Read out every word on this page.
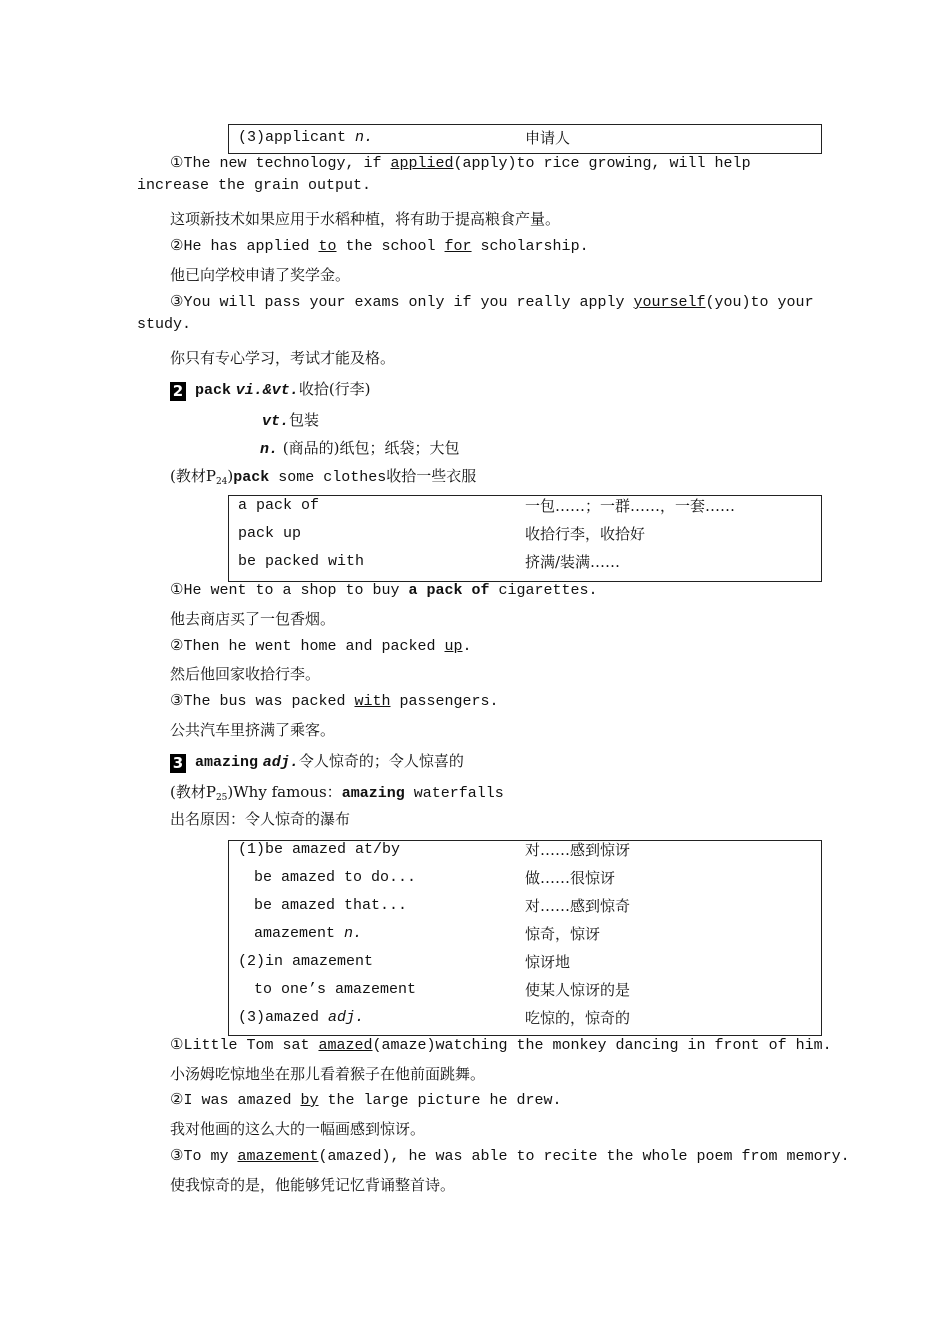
(3)applicant n.	申请人
①The new technology, if applied(apply)to rice growing, will help increase the grain output.
这项新技术如果应用于水稻种植，将有助于提高粮食产量。
②He has applied to the school for scholarship.
他已向学校申请了奖学金。
③You will pass your exams only if you really apply yourself(you)to your study.
你只有专心学习，考试才能及格。
2 pack vi.&vt.收拾(行李)
vt.包装
n. (商品的)纸包；纸袋；大包
(教材$P_{24})pack$ some clothes收拾一些衣服
a pack of	一包……；一群……，一套……
pack up	收拾行李，收拾好
be packed with	挤满/装满……
①He went to a shop to buy a pack of cigarettes.
他去商店买了一包香烟。
②Then he went home and packed up.
然后他回家收拾行李。
③The bus was packed with passengers.
公共汽车里挤满了乘客。
3 amazing adj.令人惊奇的；令人惊喜的
(教材$P_{25})Why$ famous：amazing waterfalls
出名原因：令人惊奇的瀑布
(1)be amazed at/by	对……感到惊讶
be amazed to do...	做……很惊讶
be amazed that...	对……感到惊奇
amazement n.	惊奇，惊讶
(2)in amazement	惊讶地
to one’s amazement	使某人惊讶的是
(3)amazed adj.	吃惊的，惊奇的
①Little Tom sat amazed(amaze)watching the monkey dancing in front of him.
小汤姆吃惊地坐在那儿看着猴子在他前面跳舞。
②I was amazed by the large picture he drew.
我对他画的这么大的一幅画感到惊讶。
③To my amazement(amazed), he was able to recite the whole poem from memory.
使我惊奇的是，他能够凭记忆背诵整首诗。
